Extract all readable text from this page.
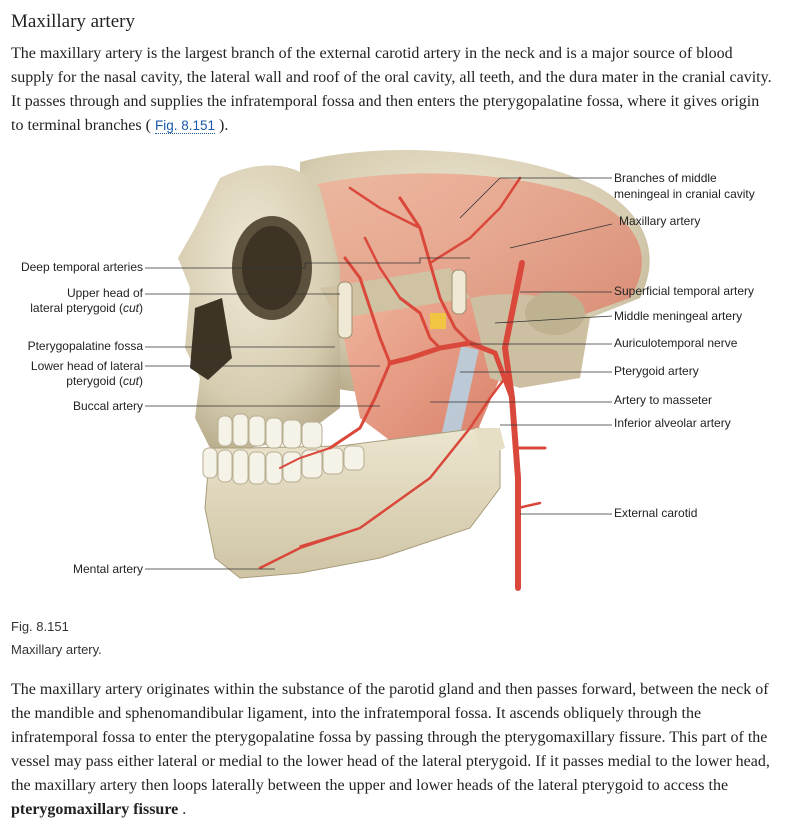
Maxillary artery

The maxillary artery is the largest branch of the external carotid artery in the neck and is a major source of blood supply for the nasal cavity, the lateral wall and roof of the oral cavity, all teeth, and the dura mater in the cranial cavity. It passes through and supplies the infratemporal fossa and then enters the pterygopalatine fossa, where it gives origin to terminal branches ( Fig. 8.151 ).

Deep temporal arteries
Upper head of
lateral pterygoid (cut)
Pterygopalatine fossa
Lower head of lateral
pterygoid (cut)
Buccal artery
Mental artery
Branches of middle
meningeal in cranial cavity
Maxillary artery
Superficial temporal artery
Middle meningeal artery
Auriculotemporal nerve
Pterygoid artery
Artery to masseter
Inferior alveolar artery
External carotid
Fig. 8.151
Maxillary artery.

The maxillary artery originates within the substance of the parotid gland and then passes forward, between the neck of the mandible and sphenomandibular ligament, into the infratemporal fossa. It ascends obliquely through the infratemporal fossa to enter the pterygopalatine fossa by passing through the pterygomaxillary fissure. This part of the vessel may pass either lateral or medial to the lower head of the lateral pterygoid. If it passes medial to the lower head, the maxillary artery then loops laterally between the upper and lower heads of the lateral pterygoid to access the pterygomaxillary fissure .
